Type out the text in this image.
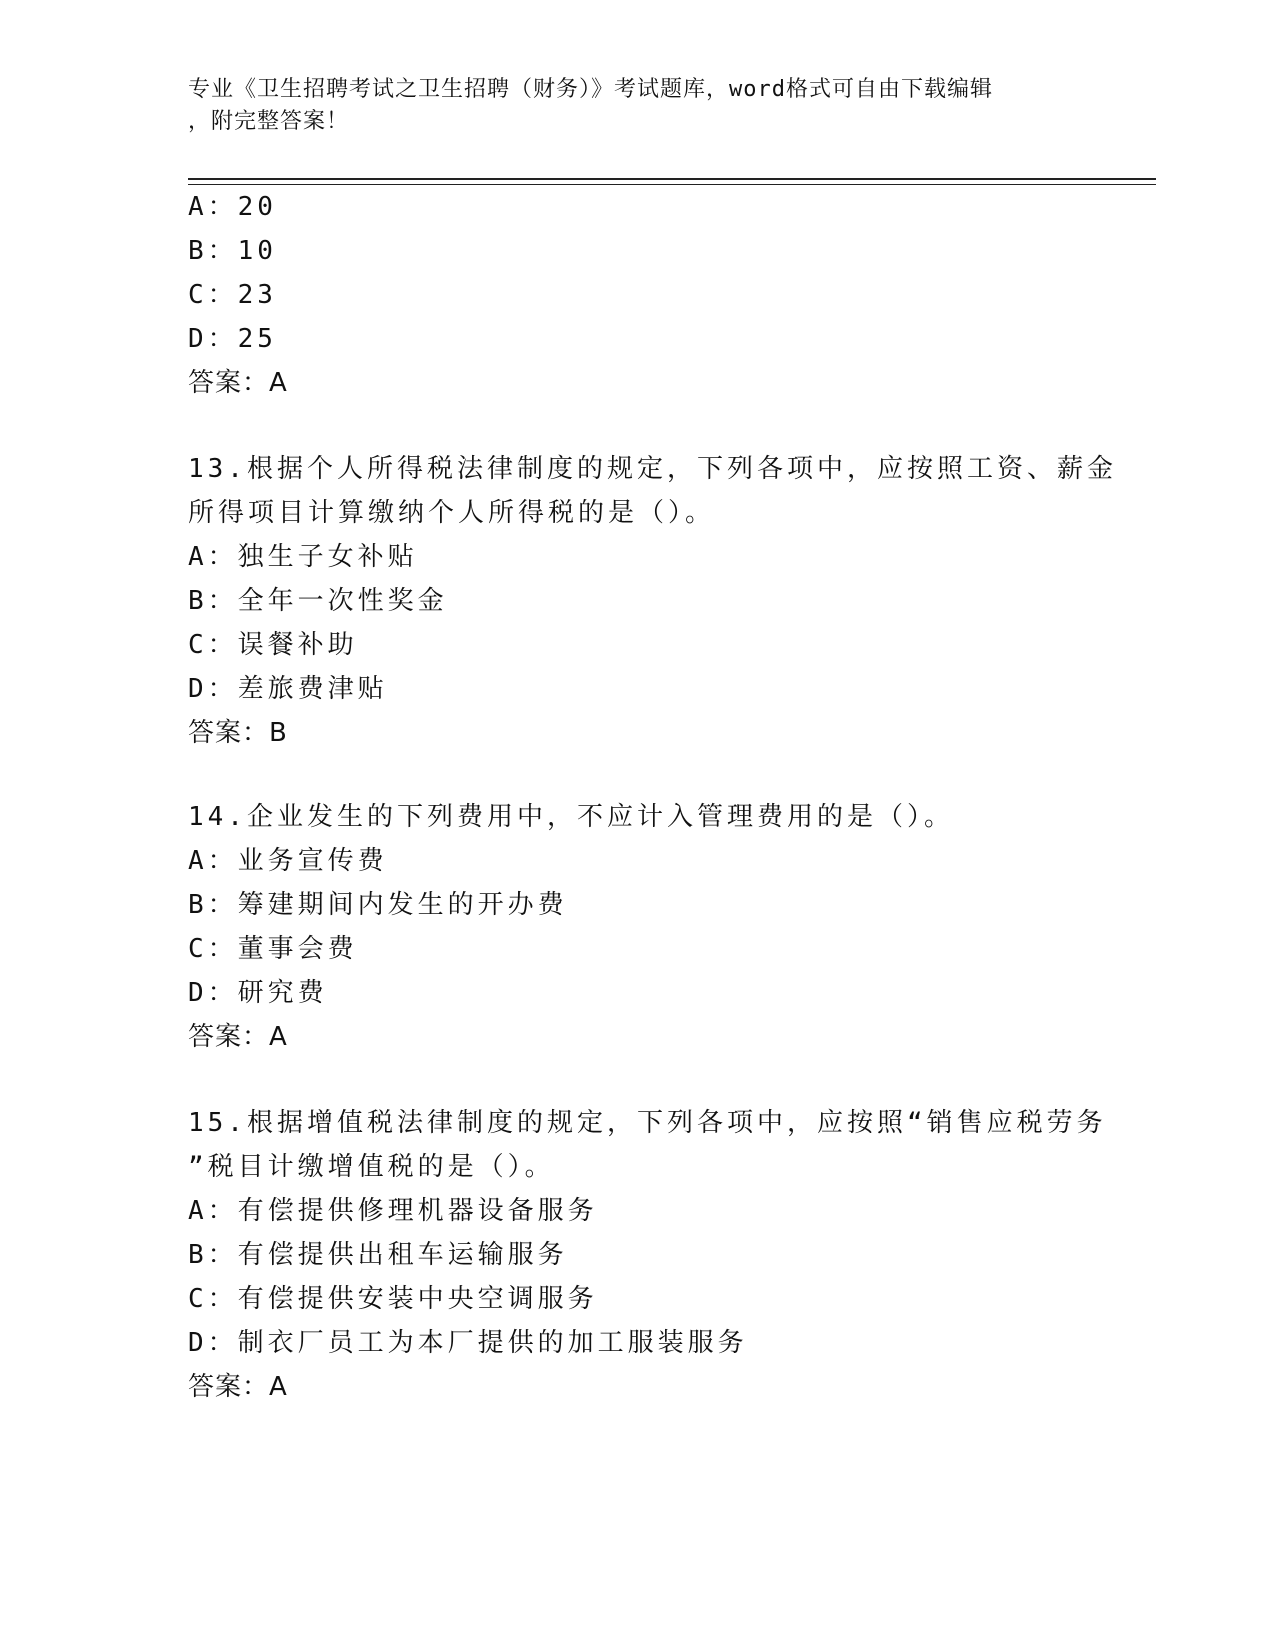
专业《卫生招聘考试之卫生招聘（财务）》考试题库，word格式可自由下载编辑
，附完整答案！
A：20
B：10
C：23
D：25
答案：A
13.根据个人所得税法律制度的规定，下列各项中，应按照工资、薪金
所得项目计算缴纳个人所得税的是（）。
A：独生子女补贴
B：全年一次性奖金
C：误餐补助
D：差旅费津贴
答案：B
14.企业发生的下列费用中，不应计入管理费用的是（）。
A：业务宣传费
B：筹建期间内发生的开办费
C：董事会费
D：研究费
答案：A
15.根据增值税法律制度的规定，下列各项中，应按照“销售应税劳务
”税目计缴增值税的是（）。
A：有偿提供修理机器设备服务
B：有偿提供出租车运输服务
C：有偿提供安装中央空调服务
D：制衣厂员工为本厂提供的加工服装服务
答案：A
